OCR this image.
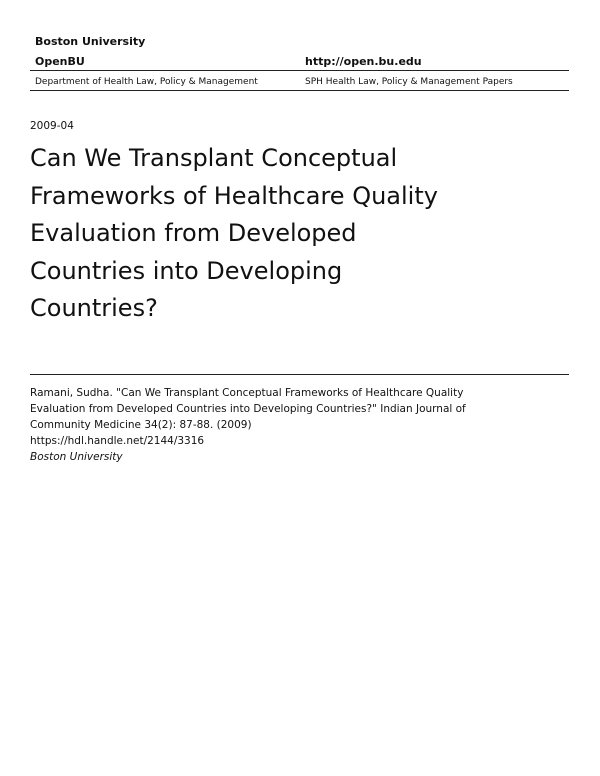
Boston University
OpenBU	http://open.bu.edu
Department of Health Law, Policy & Management	SPH Health Law, Policy & Management Papers
2009-04
Can We Transplant Conceptual
Frameworks of Healthcare Quality
Evaluation from Developed
Countries into Developing
Countries?
Ramani, Sudha. "Can We Transplant Conceptual Frameworks of Healthcare Quality
Evaluation from Developed Countries into Developing Countries?" Indian Journal of
Community Medicine 34(2): 87-88. (2009)
https://hdl.handle.net/2144/3316
Boston University
